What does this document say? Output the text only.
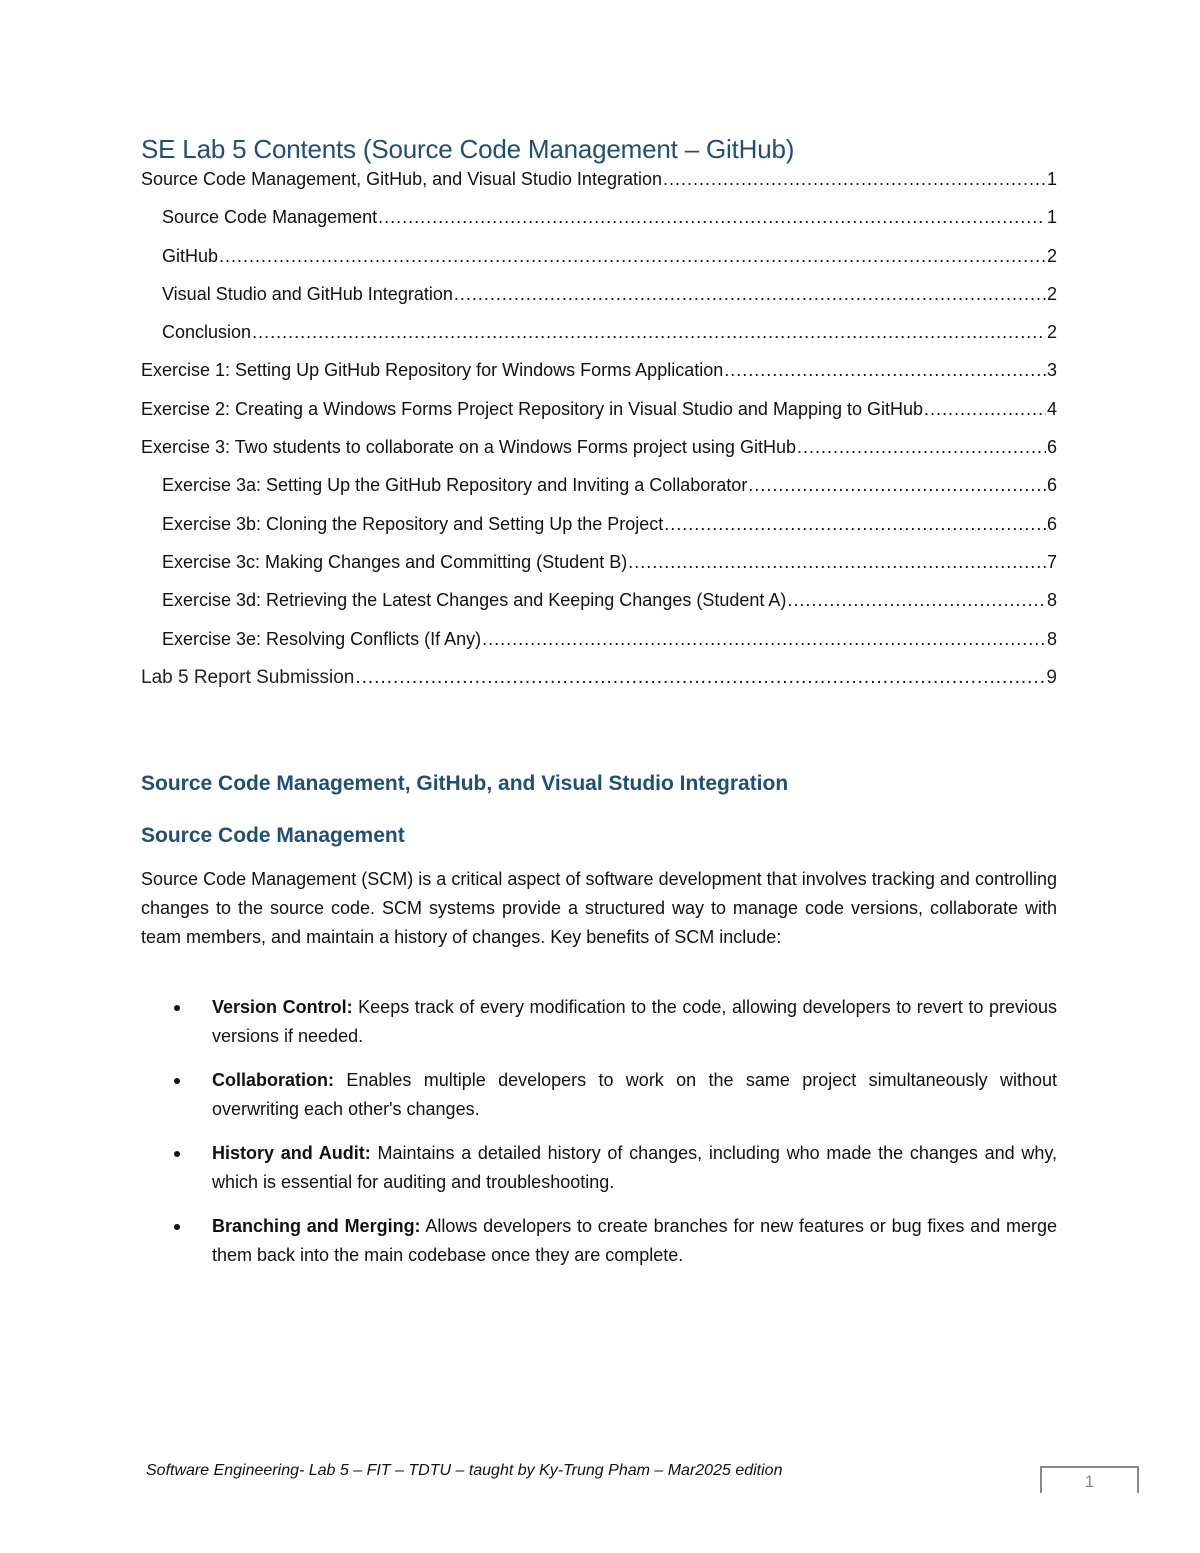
SE Lab 5 Contents (Source Code Management – GitHub)
Source Code Management, GitHub, and Visual Studio Integration .....	1
Source Code Management .....	1
GitHub .....	2
Visual Studio and GitHub Integration .....	2
Conclusion .....	2
Exercise 1: Setting Up GitHub Repository for Windows Forms Application .....	3
Exercise 2: Creating a Windows Forms Project Repository in Visual Studio and Mapping to GitHub .....	4
Exercise 3: Two students to collaborate on a Windows Forms project using GitHub .....	6
Exercise 3a: Setting Up the GitHub Repository and Inviting a Collaborator .....	6
Exercise 3b: Cloning the Repository and Setting Up the Project .....	6
Exercise 3c: Making Changes and Committing (Student B) .....	7
Exercise 3d: Retrieving the Latest Changes and Keeping Changes (Student A) .....	8
Exercise 3e: Resolving Conflicts (If Any) .....	8
Lab 5 Report Submission .....	9
Source Code Management, GitHub, and Visual Studio Integration
Source Code Management

Source Code Management (SCM) is a critical aspect of software development that involves tracking and controlling changes to the source code. SCM systems provide a structured way to manage code versions, collaborate with team members, and maintain a history of changes. Key benefits of SCM include:

Version Control: Keeps track of every modification to the code, allowing developers to revert to previous versions if needed.
Collaboration: Enables multiple developers to work on the same project simultaneously without overwriting each other's changes.
History and Audit: Maintains a detailed history of changes, including who made the changes and why, which is essential for auditing and troubleshooting.
Branching and Merging: Allows developers to create branches for new features or bug fixes and merge them back into the main codebase once they are complete.

Software Engineering- Lab 5 – FIT – TDTU – taught by Ky-Trung Pham – Mar2025 edition

1
